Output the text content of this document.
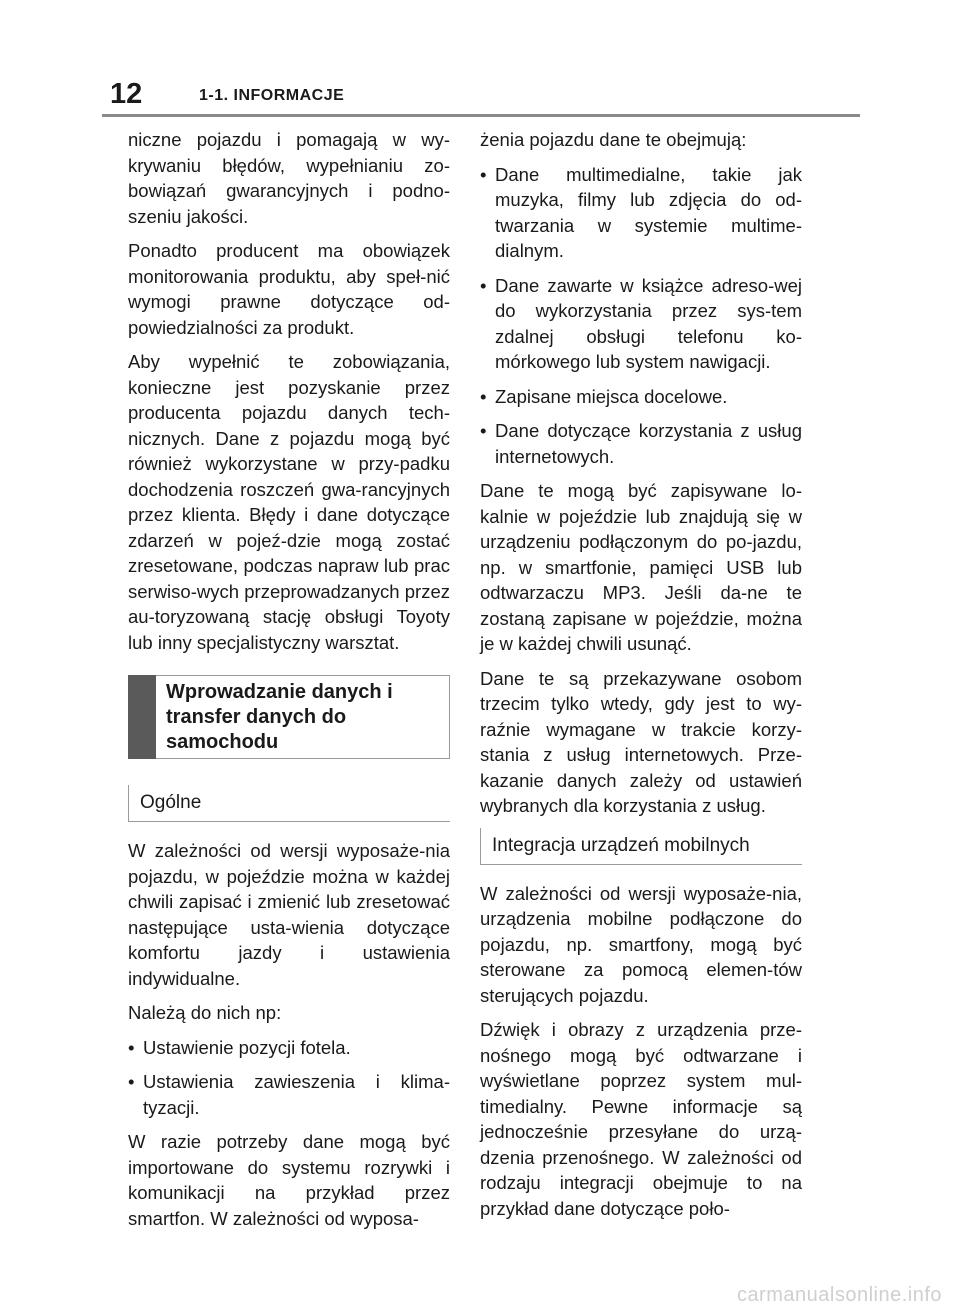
12	1-1. INFORMACJE

niczne pojazdu i pomagają w wy-krywaniu błędów, wypełnianiu zo-bowiązań gwarancyjnych i podno-szeniu jakości.

Ponadto producent ma obowiązek monitorowania produktu, aby speł-nić wymogi prawne dotyczące od-powiedzialności za produkt.

Aby wypełnić te zobowiązania, konieczne jest pozyskanie przez producenta pojazdu danych tech-nicznych. Dane z pojazdu mogą być również wykorzystane w przy-padku dochodzenia roszczeń gwa-rancyjnych przez klienta. Błędy i dane dotyczące zdarzeń w pojeź-dzie mogą zostać zresetowane, podczas napraw lub prac serwiso-wych przeprowadzanych przez au-toryzowaną stację obsługi Toyoty lub inny specjalistyczny warsztat.

Wprowadzanie danych i transfer danych do samochodu
Ogólne

W zależności od wersji wyposaże-nia pojazdu, w pojeździe można w każdej chwili zapisać i zmienić lub zresetować następujące usta-wienia dotyczące komfortu jazdy i ustawienia indywidualne.

Należą do nich np:

• Ustawienie pozycji fotela.
• Ustawienia zawieszenia i klima-tyzacji.

W razie potrzeby dane mogą być importowane do systemu rozrywki i komunikacji na przykład przez smartfon. W zależności od wyposa-

żenia pojazdu dane te obejmują:

• Dane multimedialne, takie jak muzyka, filmy lub zdjęcia do od-twarzania w systemie multime-dialnym.
• Dane zawarte w książce adreso-wej do wykorzystania przez sys-tem zdalnej obsługi telefonu ko-mórkowego lub system nawigacji.
• Zapisane miejsca docelowe.
• Dane dotyczące korzystania z usług internetowych.

Dane te mogą być zapisywane lo-kalnie w pojeździe lub znajdują się w urządzeniu podłączonym do po-jazdu, np. w smartfonie, pamięci USB lub odtwarzaczu MP3. Jeśli da-ne te zostaną zapisane w pojeździe, można je w każdej chwili usunąć.

Dane te są przekazywane osobom trzecim tylko wtedy, gdy jest to wy-raźnie wymagane w trakcie korzy-stania z usług internetowych. Prze-kazanie danych zależy od ustawień wybranych dla korzystania z usług.

Integracja urządzeń mobilnych

W zależności od wersji wyposaże-nia, urządzenia mobilne podłączone do pojazdu, np. smartfony, mogą być sterowane za pomocą elemen-tów sterujących pojazdu.

Dźwięk i obrazy z urządzenia prze-nośnego mogą być odtwarzane i wyświetlane poprzez system mul-timedialny. Pewne informacje są jednocześnie przesyłane do urzą-dzenia przenośnego. W zależności od rodzaju integracji obejmuje to na przykład dane dotyczące poło-

carmanualsonline.info
